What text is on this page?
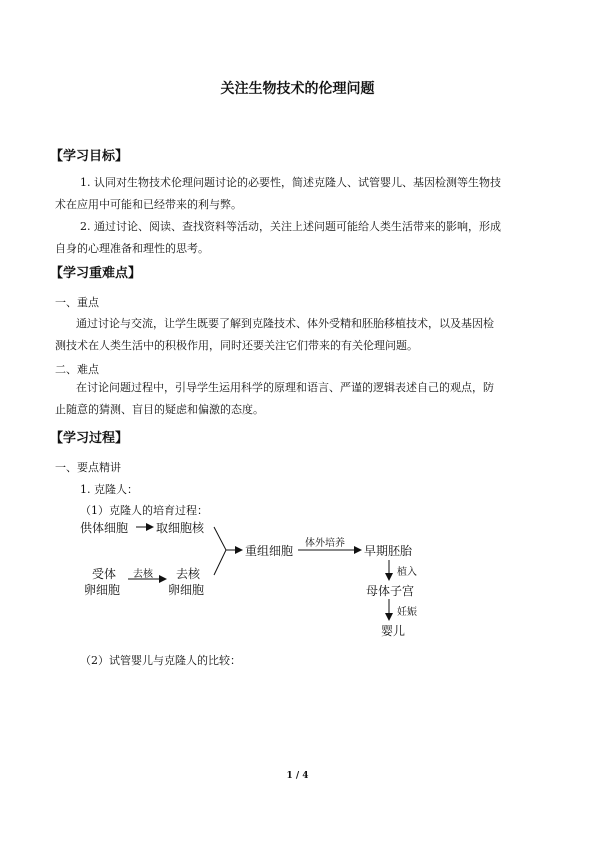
关注生物技术的伦理问题
【学习目标】
1. 认同对生物技术伦理问题讨论的必要性，简述克隆人、试管婴儿、基因检测等生物技
术在应用中可能和已经带来的利与弊。
2. 通过讨论、阅读、查找资料等活动，关注上述问题可能给人类生活带来的影响，形成
自身的心理准备和理性的思考。
【学习重难点】
一、重点
通过讨论与交流，让学生既要了解到克隆技术、体外受精和胚胎移植技术，以及基因检
测技术在人类生活中的积极作用，同时还要关注它们带来的有关伦理问题。
二、难点
在讨论问题过程中，引导学生运用科学的原理和语言、严谨的逻辑表述自己的观点，防
止随意的猜测、盲目的疑虑和偏激的态度。
【学习过程】
一、要点精讲
1. 克隆人：
（1）克隆人的培育过程：
供体细胞 取细胞核
受体
卵细胞
去核 去核
卵细胞
重组细胞
体外培养
早期胚胎
植入
母体子宫
妊娠
婴儿
（2）试管婴儿与克隆人的比较：
1 / 4
